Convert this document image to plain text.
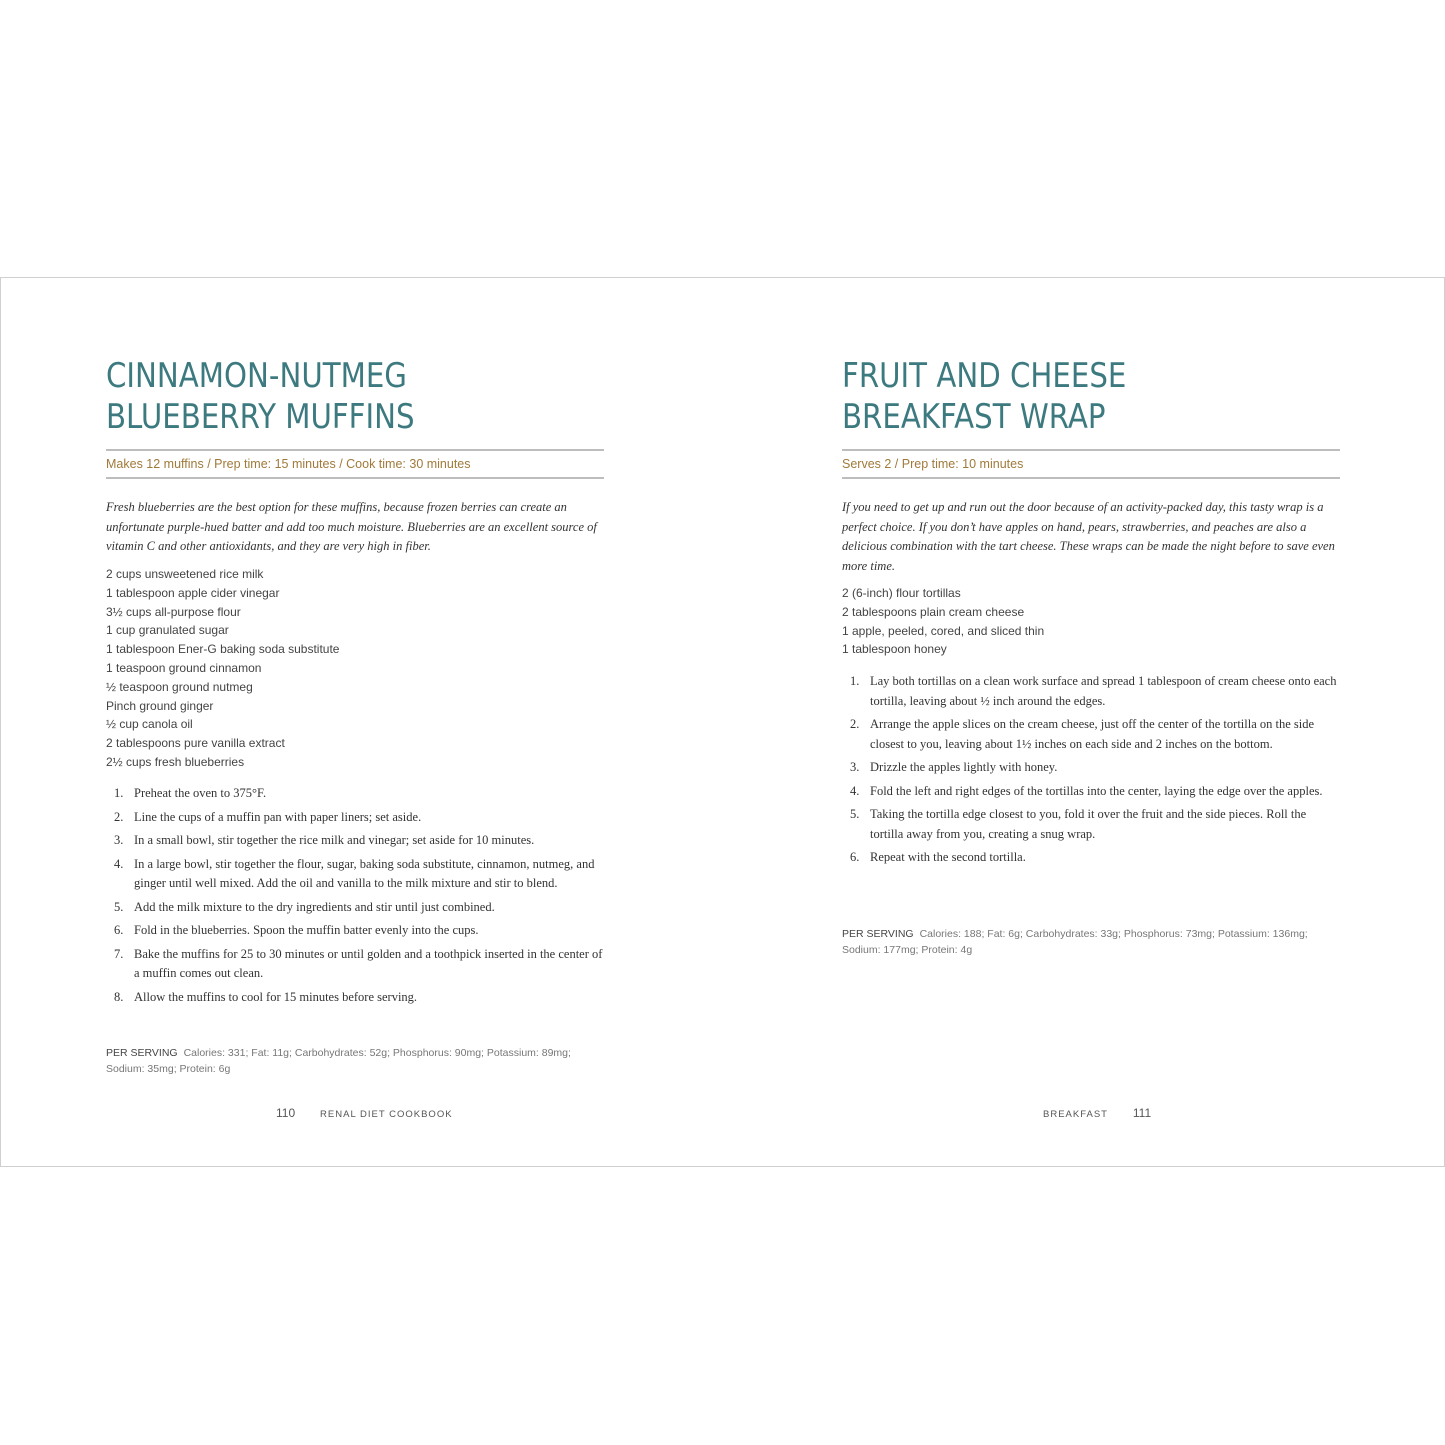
CINNAMON-NUTMEG
BLUEBERRY MUFFINS
Makes 12 muffins / Prep time: 15 minutes / Cook time: 30 minutes

Fresh blueberries are the best option for these muffins, because frozen berries can create an unfortunate purple-hued batter and add too much moisture. Blueberries are an excellent source of vitamin C and other antioxidants, and they are very high in fiber.

2 cups unsweetened rice milk
1 tablespoon apple cider vinegar
3½ cups all-purpose flour
1 cup granulated sugar
1 tablespoon Ener-G baking soda substitute
1 teaspoon ground cinnamon
½ teaspoon ground nutmeg
Pinch ground ginger
½ cup canola oil
2 tablespoons pure vanilla extract
2½ cups fresh blueberries
1. Preheat the oven to 375°F.
2. Line the cups of a muffin pan with paper liners; set aside.
3. In a small bowl, stir together the rice milk and vinegar; set aside for 10 minutes.
4. In a large bowl, stir together the flour, sugar, baking soda substitute, cinnamon, nutmeg, and ginger until well mixed. Add the oil and vanilla to the milk mixture and stir to blend.
5. Add the milk mixture to the dry ingredients and stir until just combined.
6. Fold in the blueberries. Spoon the muffin batter evenly into the cups.
7. Bake the muffins for 25 to 30 minutes or until golden and a toothpick inserted in the center of a muffin comes out clean.
8. Allow the muffins to cool for 15 minutes before serving.

PER SERVING Calories: 331; Fat: 11g; Carbohydrates: 52g; Phosphorus: 90mg; Potassium: 89mg; Sodium: 35mg; Protein: 6g

110	RENAL DIET COOKBOOK
FRUIT AND CHEESE
BREAKFAST WRAP
Serves 2 / Prep time: 10 minutes

If you need to get up and run out the door because of an activity-packed day, this tasty wrap is a perfect choice. If you don’t have apples on hand, pears, strawberries, and peaches are also a delicious combination with the tart cheese. These wraps can be made the night before to save even more time.

2 (6-inch) flour tortillas
2 tablespoons plain cream cheese
1 apple, peeled, cored, and sliced thin
1 tablespoon honey
1. Lay both tortillas on a clean work surface and spread 1 tablespoon of cream cheese onto each tortilla, leaving about ½ inch around the edges.
2. Arrange the apple slices on the cream cheese, just off the center of the tortilla on the side closest to you, leaving about 1½ inches on each side and 2 inches on the bottom.
3. Drizzle the apples lightly with honey.
4. Fold the left and right edges of the tortillas into the center, laying the edge over the apples.
5. Taking the tortilla edge closest to you, fold it over the fruit and the side pieces. Roll the tortilla away from you, creating a snug wrap.
6. Repeat with the second tortilla.

PER SERVING Calories: 188; Fat: 6g; Carbohydrates: 33g; Phosphorus: 73mg; Potassium: 136mg; Sodium: 177mg; Protein: 4g

BREAKFAST 111
